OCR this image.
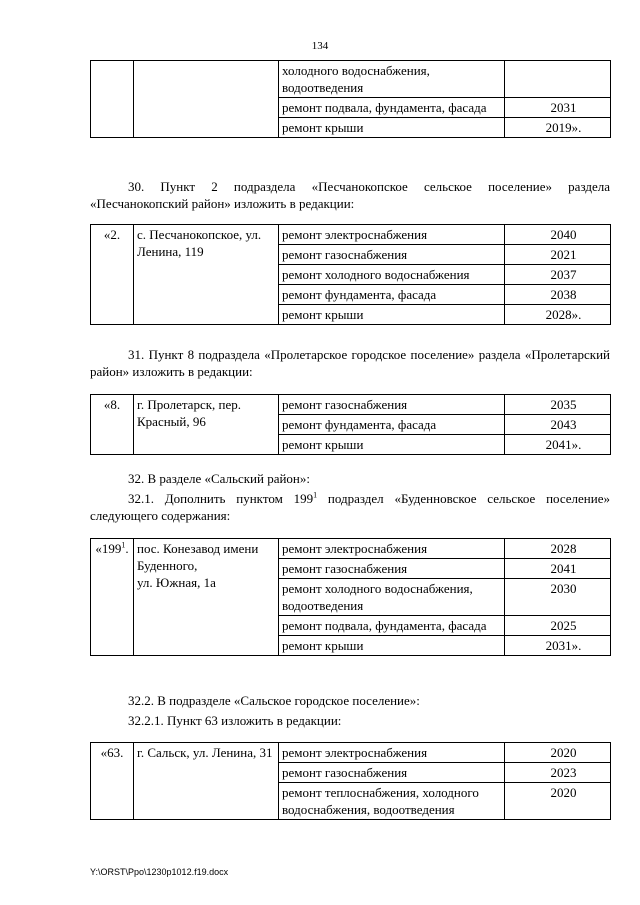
134
		холодного водоснабжения, водоотведения	
		ремонт подвала, фундамента, фасада	2031
		ремонт крыши	2019».
30. Пункт 2 подраздела «Песчанокопское сельское поселение» раздела «Песчанокопский район» изложить в редакции:
«2.	с. Песчанокопское, ул. Ленина, 119	ремонт электроснабжения	2040
		ремонт газоснабжения	2021
		ремонт холодного водоснабжения	2037
		ремонт фундамента, фасада	2038
		ремонт крыши	2028».
31. Пункт 8 подраздела «Пролетарское городское поселение» раздела «Пролетарский район» изложить в редакции:
«8.	г. Пролетарск, пер. Красный, 96	ремонт газоснабжения	2035
		ремонт фундамента, фасада	2043
		ремонт крыши	2041».
32. В разделе «Сальский район»:
32.1. Дополнить пунктом $199^1$ подраздел «Буденновское сельское поселение» следующего содержания:
«$199^1$.	пос. Конезавод имени
Буденного,
ул. Южная, 1а	ремонт электроснабжения	2028
		ремонт газоснабжения	2041
		ремонт холодного водоснабжения, водоотведения	2030
		ремонт подвала, фундамента, фасада	2025
		ремонт крыши	2031».
32.2. В подразделе «Сальское городское поселение»:
32.2.1. Пункт 63 изложить в редакции:
«63.	г. Сальск, ул. Ленина, 31	ремонт электроснабжения	2020
		ремонт газоснабжения	2023
		ремонт теплоснабжения, холодного водоснабжения, водоотведения	2020
Y:\ORST\Ppo\1230p1012.f19.docx
